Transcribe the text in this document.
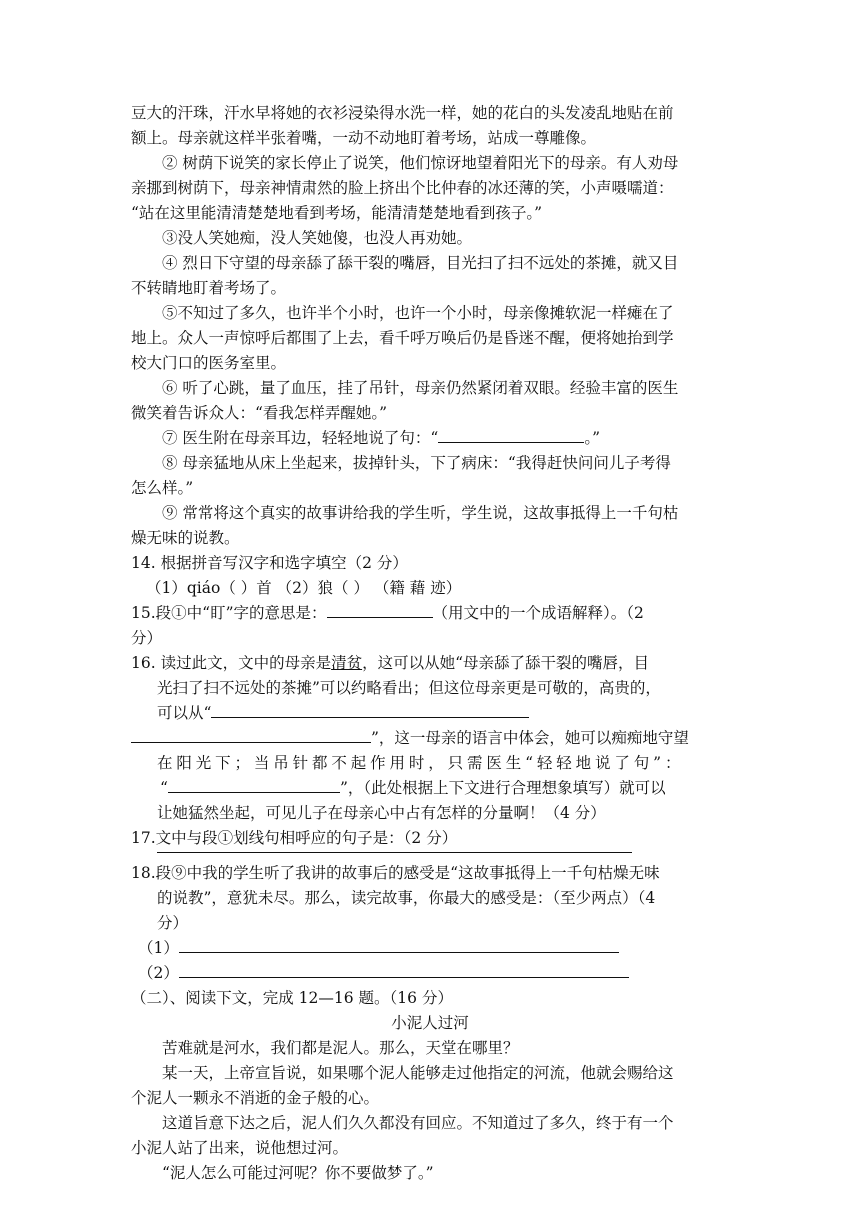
豆大的汗珠，汗水早将她的衣衫浸染得水洗一样，她的花白的头发凌乱地贴在前
额上。母亲就这样半张着嘴，一动不动地盯着考场，站成一尊雕像。
② 树荫下说笑的家长停止了说笑，他们惊讶地望着阳光下的母亲。有人劝母
亲挪到树荫下，母亲神情肃然的脸上挤出个比仲春的冰还薄的笑，小声嗫嚅道：
“站在这里能清清楚楚地看到考场，能清清楚楚地看到孩子。”
③没人笑她痴，没人笑她傻，也没人再劝她。
④ 烈日下守望的母亲舔了舔干裂的嘴唇，目光扫了扫不远处的茶摊，就又目
不转睛地盯着考场了。
⑤不知过了多久，也许半个小时，也许一个小时，母亲像摊软泥一样瘫在了
地上。众人一声惊呼后都围了上去，看千呼万唤后仍是昏迷不醒，便将她抬到学
校大门口的医务室里。
⑥ 听了心跳，量了血压，挂了吊针，母亲仍然紧闭着双眼。经验丰富的医生
微笑着告诉众人：“看我怎样弄醒她。”
⑦ 医生附在母亲耳边，轻轻地说了句：“	。”
⑧ 母亲猛地从床上坐起来，拔掉针头，下了病床：“我得赶快问问儿子考得
怎么样。”
⑨ 常常将这个真实的故事讲给我的学生听，学生说，这故事抵得上一千句枯
燥无味的说教。
14. 根据拼音写汉字和选字填空（2 分）
（1）qiáo（ ）首 （2）狼（ ） （籍 藉 迹）
15.段①中“盯”字的意思是：	（用文中的一个成语解释）。（2
分）
16. 读过此文，文中的母亲是清贫，这可以从她“母亲舔了舔干裂的嘴唇，目
光扫了扫不远处的茶摊”可以约略看出；但这位母亲更是可敬的，高贵的，
可以从“
”，这一母亲的语言中体会，她可以痴痴地守望
在阳光下；当吊针都不起作用时，只需医生“轻轻地说了句”：
“	”，（此处根据上下文进行合理想象填写）就可以
让她猛然坐起，可见儿子在母亲心中占有怎样的分量啊！（4 分）
17.文中与段①划线句相呼应的句子是：（2 分）
18.段⑨中我的学生听了我讲的故事后的感受是“这故事抵得上一千句枯燥无味
的说教”，意犹未尽。那么，读完故事，你最大的感受是：（至少两点）（4
分）
（1）
（2）
（二）、阅读下文，完成 12—16 题。（16 分）
小泥人过河
苦难就是河水，我们都是泥人。那么，天堂在哪里？
某一天，上帝宣旨说，如果哪个泥人能够走过他指定的河流，他就会赐给这
个泥人一颗永不消逝的金子般的心。
这道旨意下达之后，泥人们久久都没有回应。不知道过了多久，终于有一个
小泥人站了出来，说他想过河。
“泥人怎么可能过河呢？你不要做梦了。”
